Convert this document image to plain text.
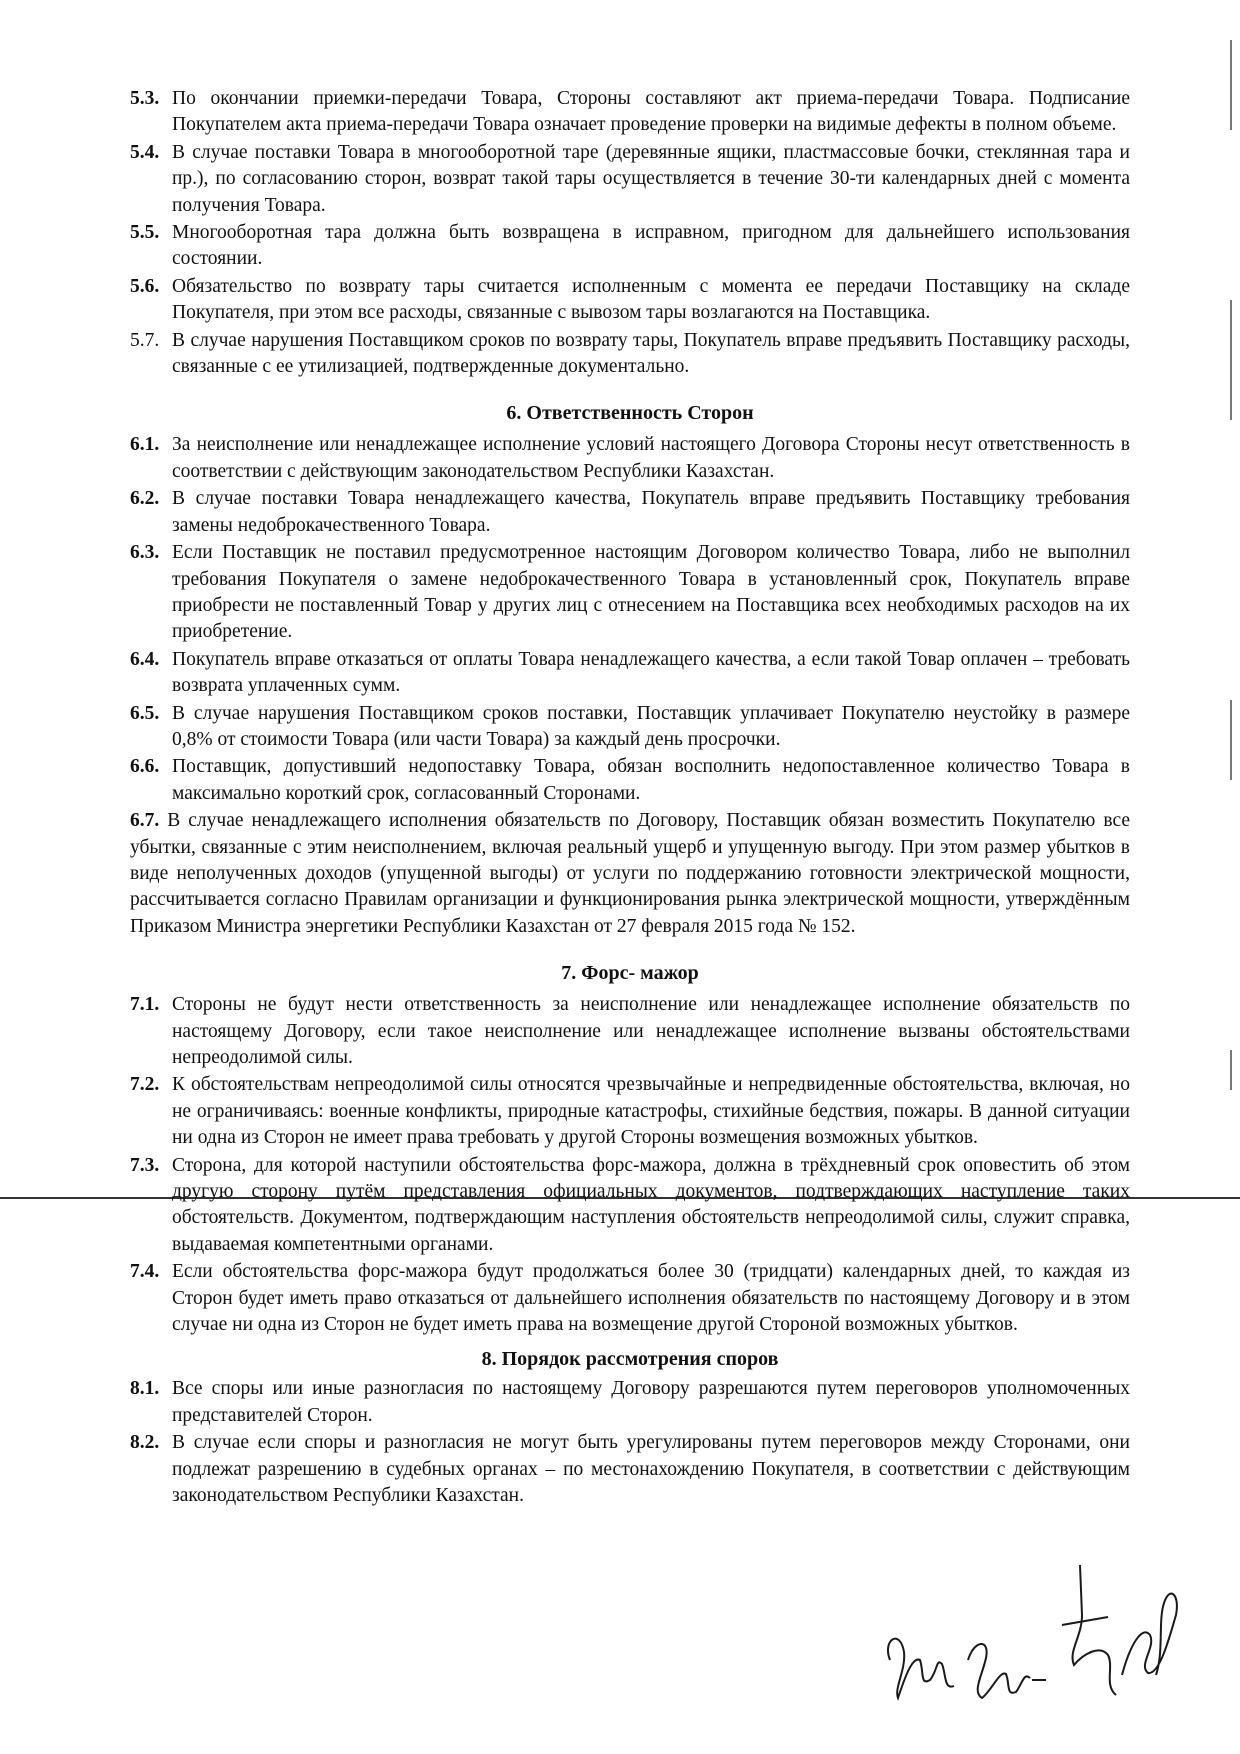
5.3. По окончании приемки-передачи Товара, Стороны составляют акт приема-передачи Товара. Подписание Покупателем акта приема-передачи Товара означает проведение проверки на видимые дефекты в полном объеме.
5.4. В случае поставки Товара в многооборотной таре (деревянные ящики, пластмассовые бочки, стеклянная тара и пр.), по согласованию сторон, возврат такой тары осуществляется в течение 30-ти календарных дней с момента получения Товара.
5.5. Многооборотная тара должна быть возвращена в исправном, пригодном для дальнейшего использования состоянии.
5.6. Обязательство по возврату тары считается исполненным с момента ее передачи Поставщику на складе Покупателя, при этом все расходы, связанные с вывозом тары возлагаются на Поставщика.
5.7. В случае нарушения Поставщиком сроков по возврату тары, Покупатель вправе предъявить Поставщику расходы, связанные с ее утилизацией, подтвержденные документально.
6. Ответственность Сторон
6.1. За неисполнение или ненадлежащее исполнение условий настоящего Договора Стороны несут ответственность в соответствии с действующим законодательством Республики Казахстан.
6.2. В случае поставки Товара ненадлежащего качества, Покупатель вправе предъявить Поставщику требования замены недоброкачественного Товара.
6.3. Если Поставщик не поставил предусмотренное настоящим Договором количество Товара, либо не выполнил требования Покупателя о замене недоброкачественного Товара в установленный срок, Покупатель вправе приобрести не поставленный Товар у других лиц с отнесением на Поставщика всех необходимых расходов на их приобретение.
6.4. Покупатель вправе отказаться от оплаты Товара ненадлежащего качества, а если такой Товар оплачен – требовать возврата уплаченных сумм.
6.5. В случае нарушения Поставщиком сроков поставки, Поставщик уплачивает Покупателю неустойку в размере 0,8% от стоимости Товара (или части Товара) за каждый день просрочки.
6.6. Поставщик, допустивший недопоставку Товара, обязан восполнить недопоставленное количество Товара в максимально короткий срок, согласованный Сторонами.
6.7. В случае ненадлежащего исполнения обязательств по Договору, Поставщик обязан возместить Покупателю все убытки, связанные с этим неисполнением, включая реальный ущерб и упущенную выгоду. При этом размер убытков в виде неполученных доходов (упущенной выгоды) от услуги по поддержанию готовности электрической мощности, рассчитывается согласно Правилам организации и функционирования рынка электрической мощности, утверждённым Приказом Министра энергетики Республики Казахстан от 27 февраля 2015 года № 152.
7. Форс- мажор
7.1. Стороны не будут нести ответственность за неисполнение или ненадлежащее исполнение обязательств по настоящему Договору, если такое неисполнение или ненадлежащее исполнение вызваны обстоятельствами непреодолимой силы.
7.2. К обстоятельствам непреодолимой силы относятся чрезвычайные и непредвиденные обстоятельства, включая, но не ограничиваясь: военные конфликты, природные катастрофы, стихийные бедствия, пожары. В данной ситуации ни одна из Сторон не имеет права требовать у другой Стороны возмещения возможных убытков.
7.3. Сторона, для которой наступили обстоятельства форс-мажора, должна в трёхдневный срок оповестить об этом другую сторону путём представления официальных документов, подтверждающих наступление таких обстоятельств. Документом, подтверждающим наступления обстоятельств непреодолимой силы, служит справка, выдаваемая компетентными органами.
7.4. Если обстоятельства форс-мажора будут продолжаться более 30 (тридцати) календарных дней, то каждая из Сторон будет иметь право отказаться от дальнейшего исполнения обязательств по настоящему Договору и в этом случае ни одна из Сторон не будет иметь права на возмещение другой Стороной возможных убытков.
8. Порядок рассмотрения споров
8.1. Все споры или иные разногласия по настоящему Договору разрешаются путем переговоров уполномоченных представителей Сторон.
8.2. В случае если споры и разногласия не могут быть урегулированы путем переговоров между Сторонами, они подлежат разрешению в судебных органах – по местонахождению Покупателя, в соответствии с действующим законодательством Республики Казахстан.
